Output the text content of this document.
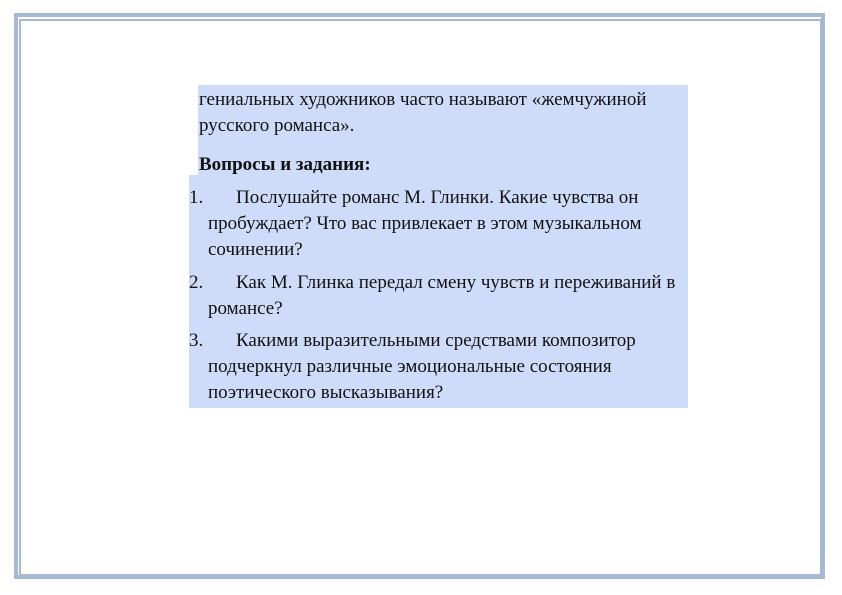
гениальных художников часто называют «жемчужиной русского романса».

Вопросы и задания:

1.	Послушайте романс М. Глинки. Какие чувства он пробуждает? Что вас привлекает в этом музыкальном сочинении?
2.	Как М. Глинка передал смену чувств и переживаний в романсе?
3.	Какими выразительными средствами композитор подчеркнул различные эмоциональные состояния поэтического высказывания?
